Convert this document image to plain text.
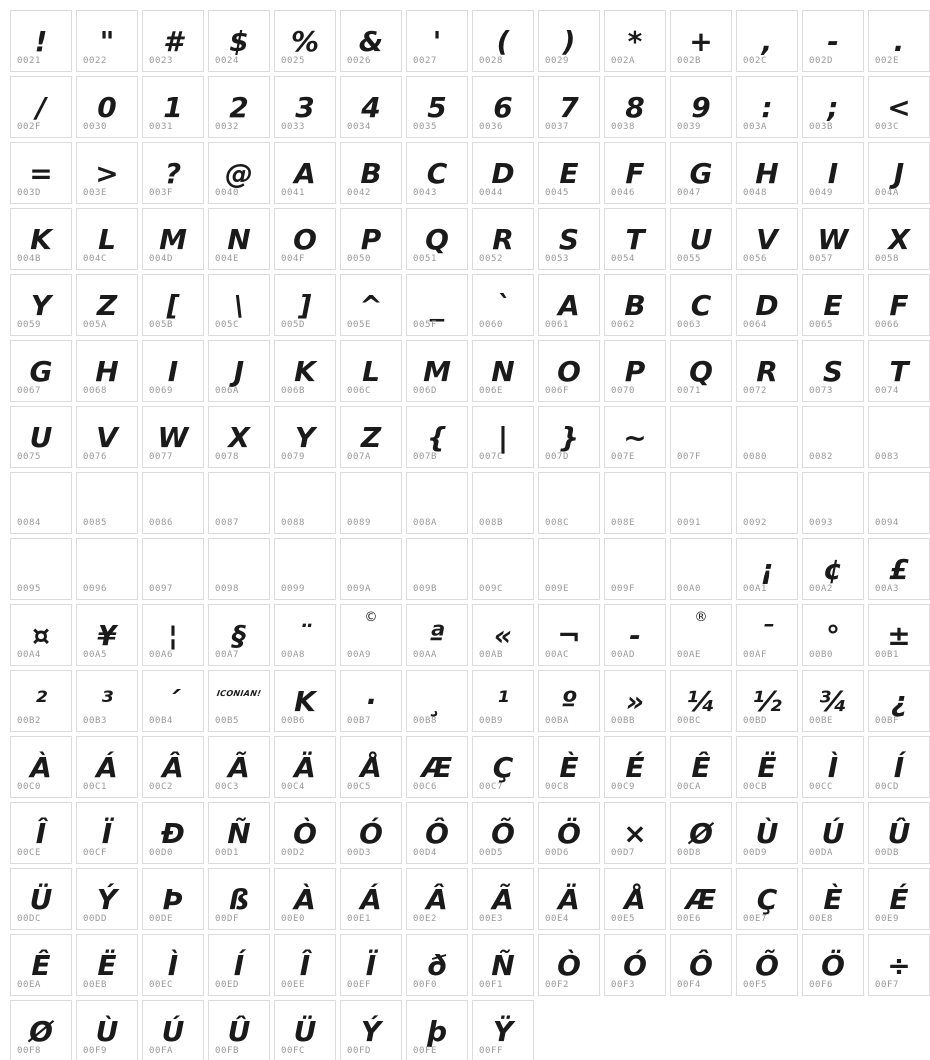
!
0021
"
0022
#
0023
$
0024
%
0025
&
0026
'
0027
(
0028
)
0029
*
002A
+
002B
,
002C
-
002D
.
002E
/
002F
0
0030
1
0031
2
0032
3
0033
4
0034
5
0035
6
0036
7
0037
8
0038
9
0039
:
003A
;
003B
<
003C
=
003D
>
003E
?
003F
@
0040
A
0041
B
0042
C
0043
D
0044
E
0045
F
0046
G
0047
H
0048
I
0049
J
004A
K
004B
L
004C
M
004D
N
004E
O
004F
P
0050
Q
0051
R
0052
S
0053
T
0054
U
0055
V
0056
W
0057
X
0058
Y
0059
Z
005A
[
005B
\
005C
]
005D
^
005E
_
005F
`
0060
A
0061
B
0062
C
0063
D
0064
E
0065
F
0066
G
0067
H
0068
I
0069
J
006A
K
006B
L
006C
M
006D
N
006E
O
006F
P
0070
Q
0071
R
0072
S
0073
T
0074
U
0075
V
0076
W
0077
X
0078
Y
0079
Z
007A
{
007B
|
007C
}
007D
~
007E	007F	0080	0082	0083
0084	0085	0086	0087	0088	0089	008A	008B	008C	008E	0091	0092	0093	0094
0095	0096	0097	0098	0099	009A	009B	009C	009E	009F	00A0
¡
00A1
¢
00A2
£
00A3
¤
00A4
¥
00A5
¦
00A6
§
00A7
¨
00A8
©
00A9
ª
00AA
«
00AB
¬
00AC
-
00AD
®
00AE
¯
00AF
°
00B0
±
00B1
²
00B2
³
00B3
´
00B4
ICONIAN!
00B5
K
00B6
·
00B7
¸
00B8
¹
00B9
º
00BA
»
00BB
¼
00BC
½
00BD
¾
00BE
¿
00BF
À
00C0
Á
00C1
Â
00C2
Ã
00C3
Ä
00C4
Å
00C5
Æ
00C6
Ç
00C7
È
00C8
É
00C9
Ê
00CA
Ë
00CB
Ì
00CC
Í
00CD
Î
00CE
Ï
00CF
Ð
00D0
Ñ
00D1
Ò
00D2
Ó
00D3
Ô
00D4
Õ
00D5
Ö
00D6
×
00D7
Ø
00D8
Ù
00D9
Ú
00DA
Û
00DB
Ü
00DC
Ý
00DD
Þ
00DE
ß
00DF
À
00E0
Á
00E1
Â
00E2
Ã
00E3
Ä
00E4
Å
00E5
Æ
00E6
Ç
00E7
È
00E8
É
00E9
Ê
00EA
Ë
00EB
Ì
00EC
Í
00ED
Î
00EE
Ï
00EF
ð
00F0
Ñ
00F1
Ò
00F2
Ó
00F3
Ô
00F4
Õ
00F5
Ö
00F6
÷
00F7
Ø
00F8
Ù
00F9
Ú
00FA
Û
00FB
Ü
00FC
Ý
00FD
þ
00FE
Ÿ
00FF
